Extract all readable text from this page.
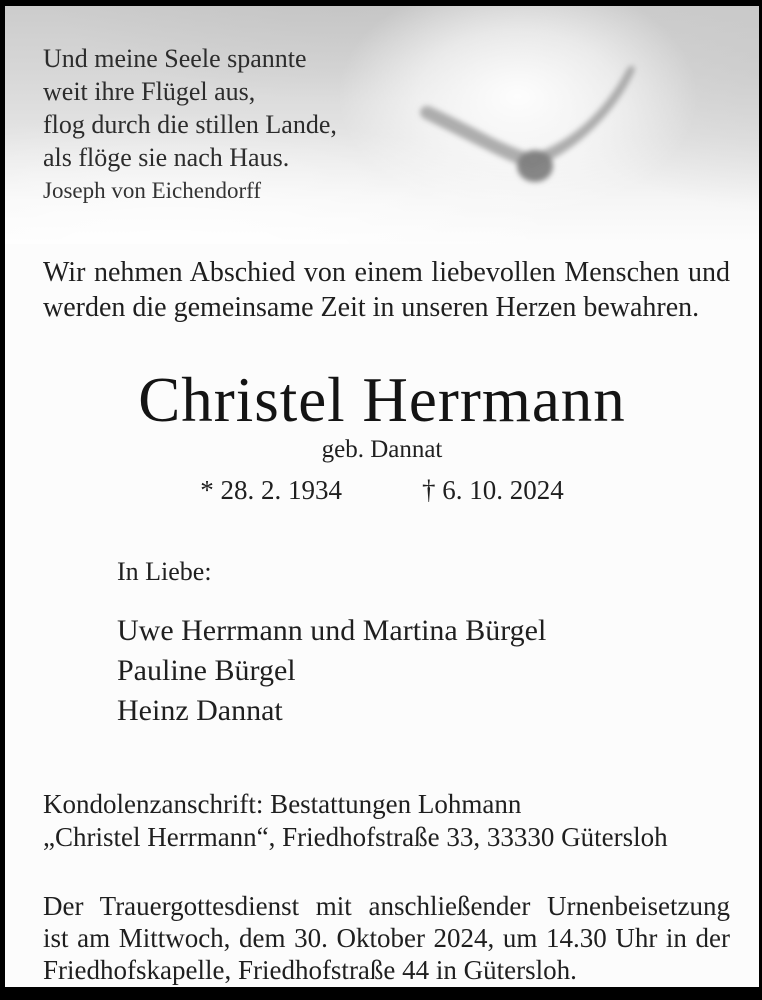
Und meine Seele spannte
weit ihre Flügel aus,
flog durch die stillen Lande,
als flöge sie nach Haus.
Joseph von Eichendorff
Wir nehmen Abschied von einem liebevollen Menschen und
werden die gemeinsame Zeit in unseren Herzen bewahren.
Christel Herrmann
geb. Dannat
* 28. 2. 1934	† 6. 10. 2024
In Liebe:
Uwe Herrmann und Martina Bürgel
Pauline Bürgel
Heinz Dannat
Kondolenzanschrift: Bestattungen Lohmann
„Christel Herrmann“, Friedhofstraße 33, 33330 Gütersloh
Der Trauergottesdienst mit anschließender Urnenbeisetzung
ist am Mittwoch, dem 30. Oktober 2024, um 14.30 Uhr in der
Friedhofskapelle, Friedhofstraße 44 in Gütersloh.
